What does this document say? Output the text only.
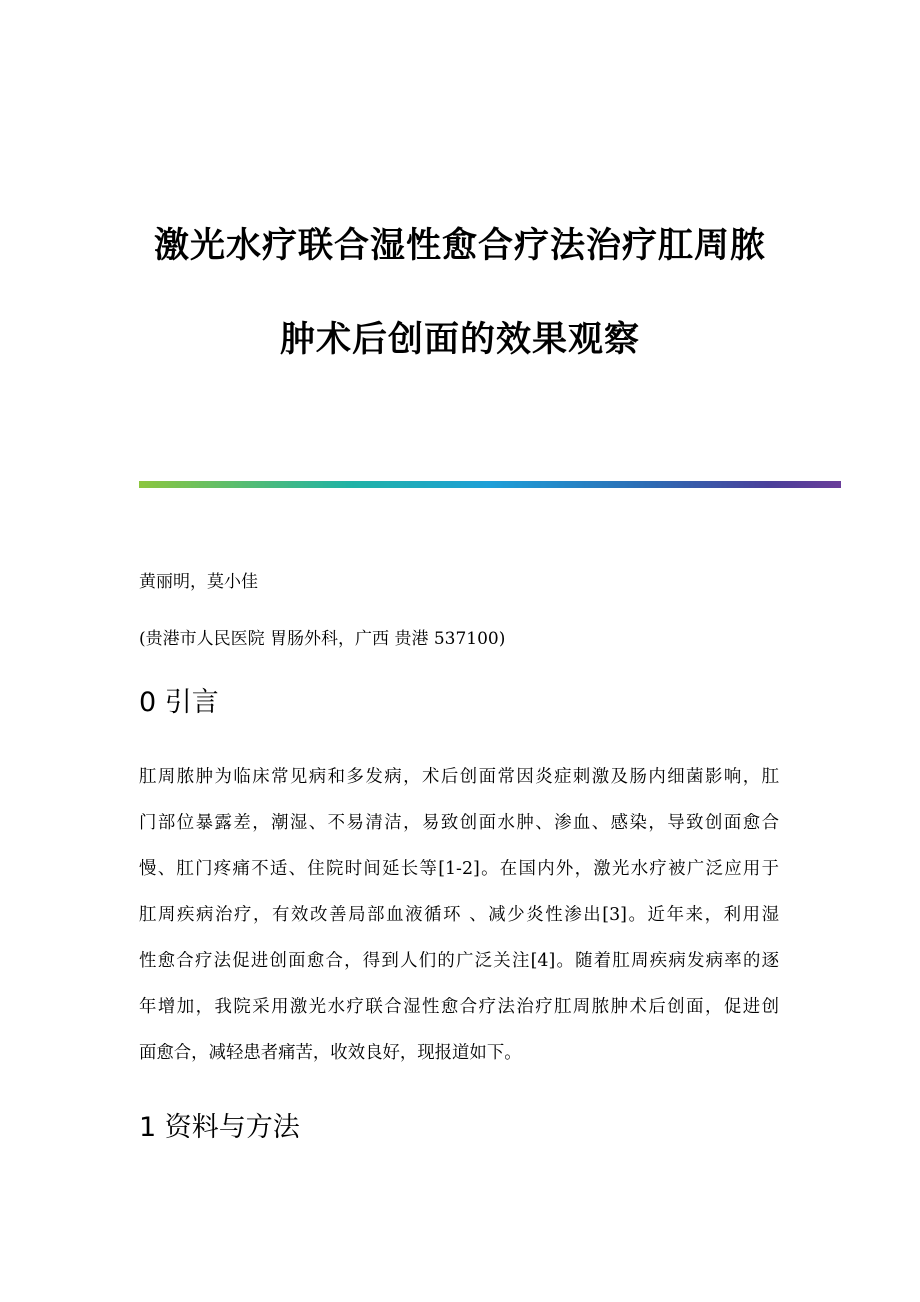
激光水疗联合湿性愈合疗法治疗肛周脓
肿术后创面的效果观察
黄丽明，莫小佳
(贵港市人民医院 胃肠外科，广西 贵港 537100)
0 引言
肛周脓肿为临床常见病和多发病，术后创面常因炎症刺激及肠内细菌影响，肛
门部位暴露差，潮湿、不易清洁，易致创面水肿、渗血、感染，导致创面愈合
慢、肛门疼痛不适、住院时间延长等[1-2]。在国内外，激光水疗被广泛应用于
肛周疾病治疗，有效改善局部血液循环 、减少炎性渗出[3]。近年来，利用湿
性愈合疗法促进创面愈合，得到人们的广泛关注[4]。随着肛周疾病发病率的逐
年增加，我院采用激光水疗联合湿性愈合疗法治疗肛周脓肿术后创面，促进创
面愈合，减轻患者痛苦，收效良好，现报道如下。
1 资料与方法
